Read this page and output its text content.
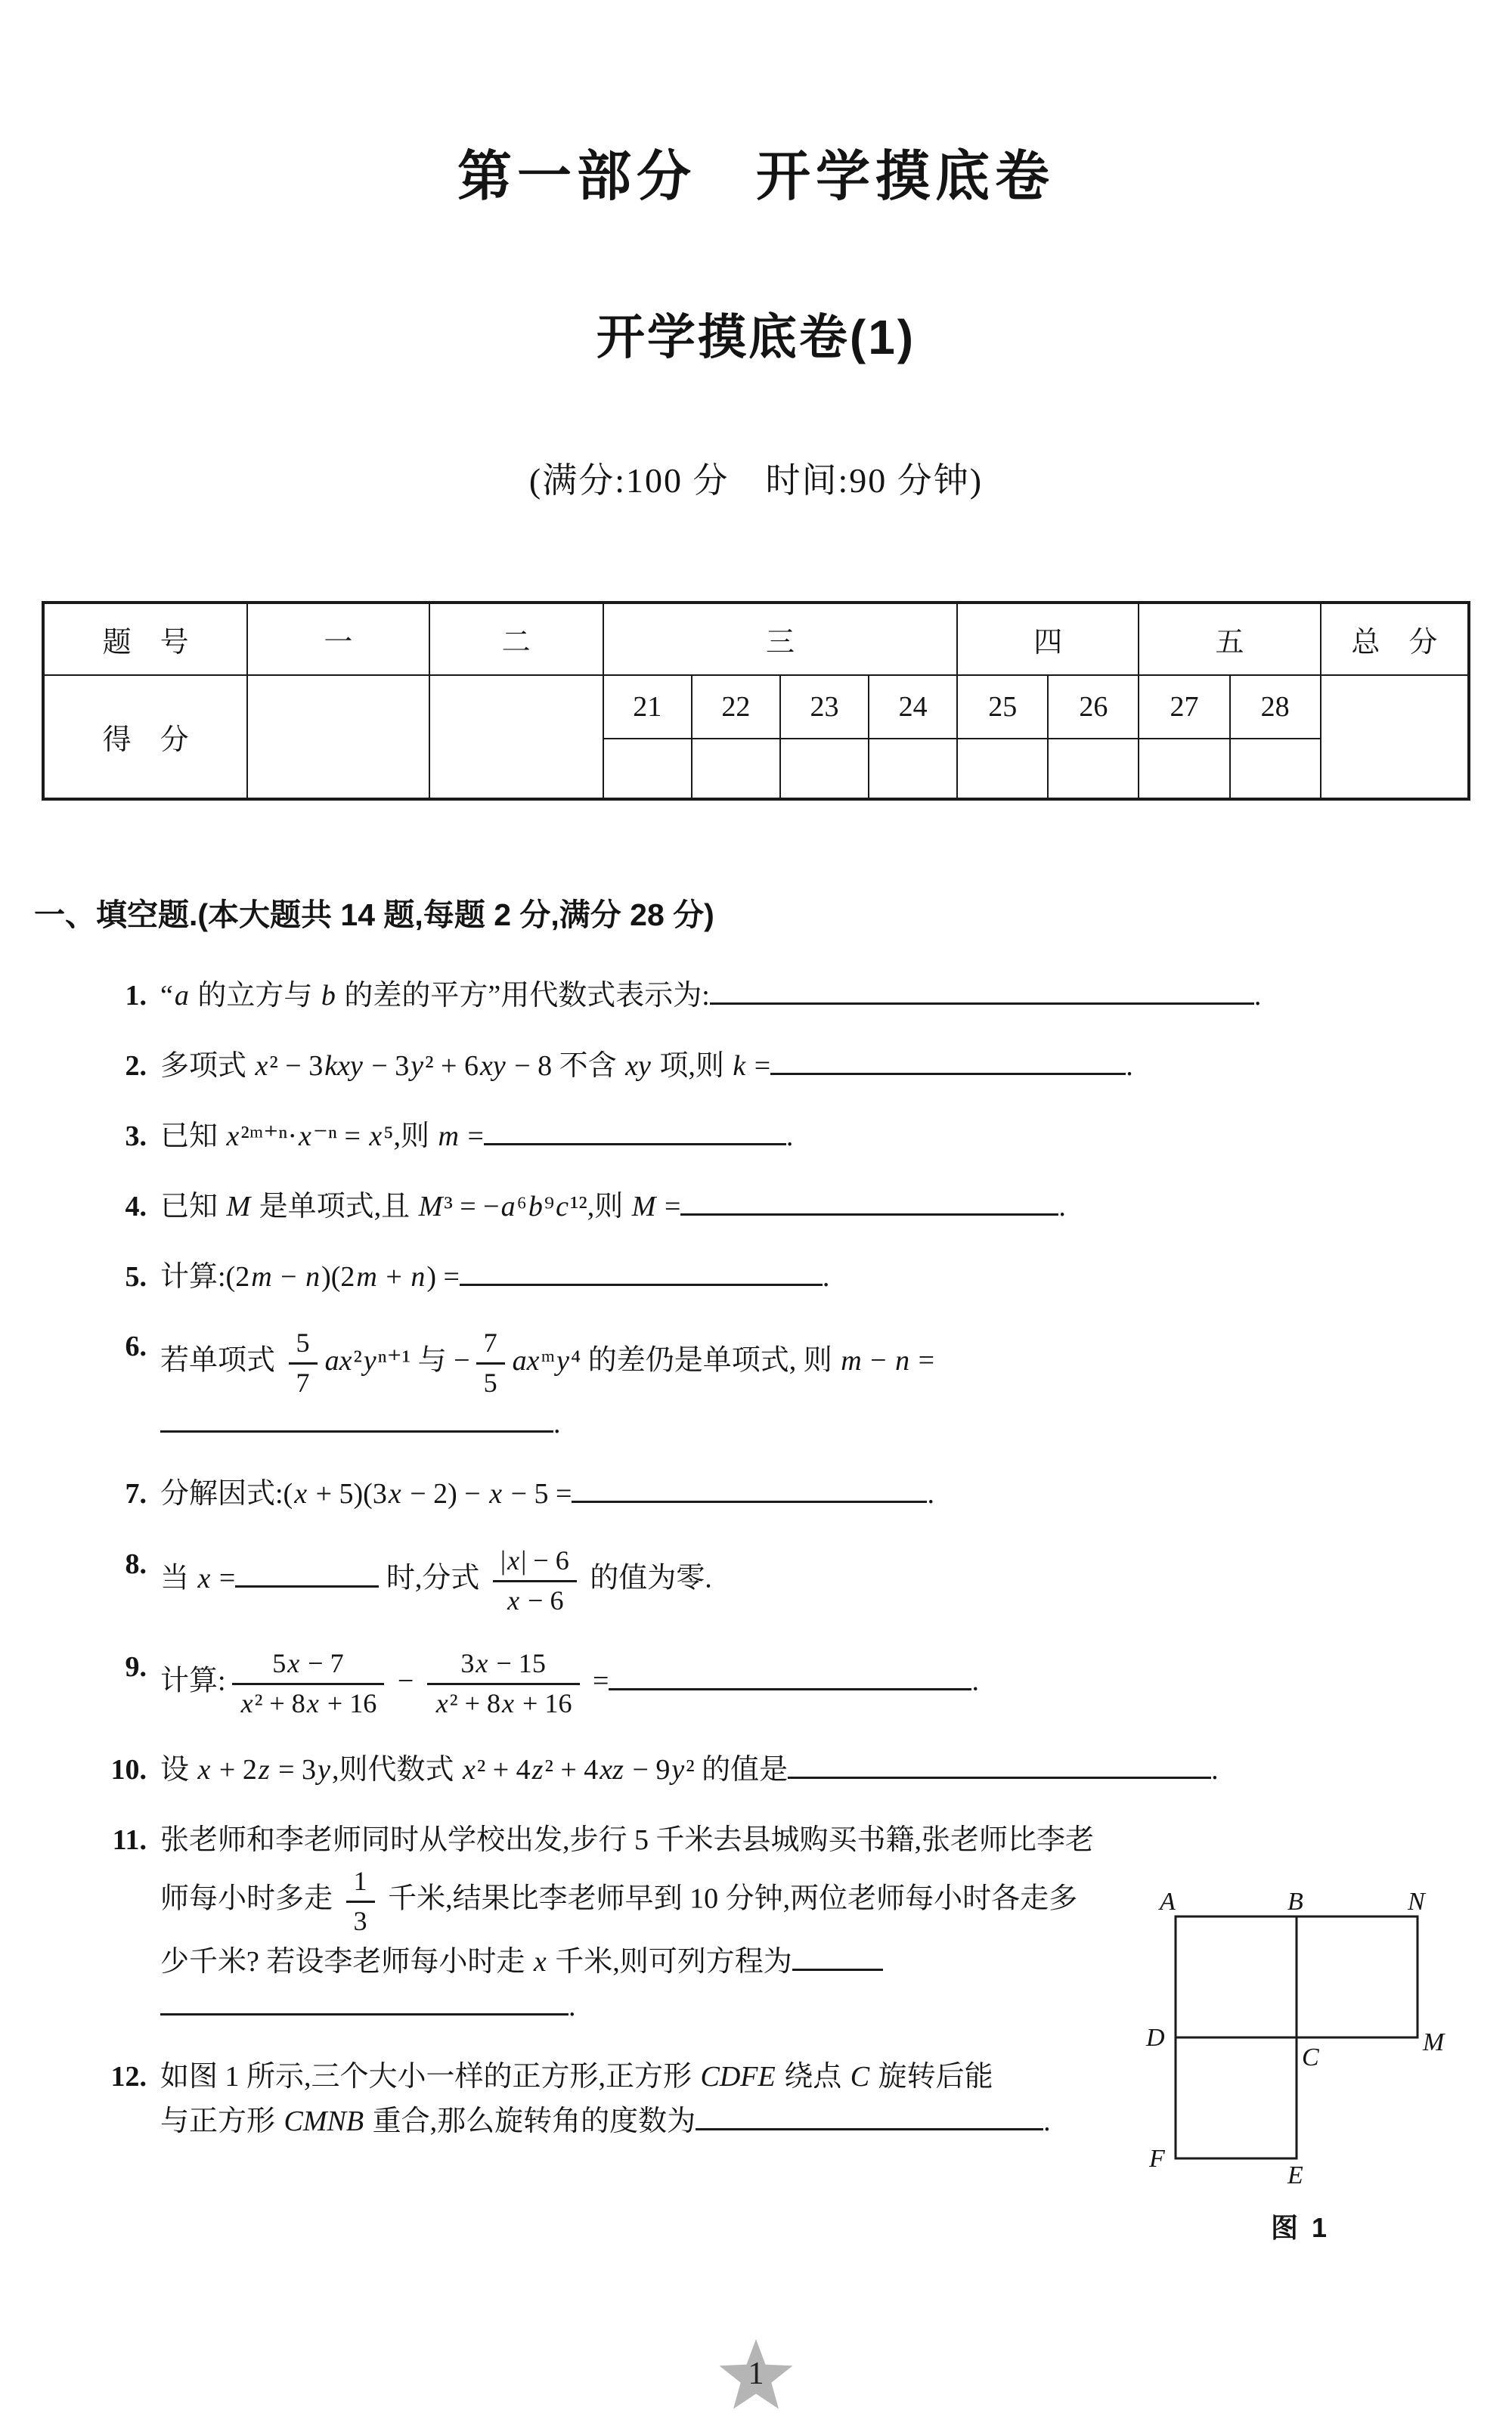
第一部分　开学摸底卷
开学摸底卷(1)
(满分:100 分　时间:90 分钟)
题　号	一	二	三				四		五		总　分
得　分			21	22	23	24	25	26	27	28	

一、填空题.(本大题共 14 题,每题 2 分,满分 28 分)
1. “a 的立方与 b 的差的平方”用代数式表示为:	.
2. 多项式 x² − 3kxy − 3y² + 6xy − 8 不含 xy 项,则 k =	.
3. 已知 x²ᵐ⁺ⁿ·x⁻ⁿ = x⁵,则 m =	.
4. 已知 M 是单项式,且 M³ = −a⁶b⁹c¹²,则 M =	.
5. 计算:(2m − n)(2m + n) =	.
6. 若单项式 $\frac{5}{7} ax^2y^{n+1}$ 与 − $\frac{7}{5}$ axᵐy⁴ 的差仍是单项式, 则 m − n =
.
7. 分解因式:(x + 5)(3x − 2) − x − 5 =	.
8. 当 x =	时,分式 $\frac{|x| - 6}{x - 6}$ 的值为零.
9. 计算: $\frac{5x - 7}{\text{x² + 8x + 16}} - \frac{3x - 15}{\text{x² + 8x + 16}}$ =	.
10. 设 x + 2z = 3y,则代数式 x² + 4z² + 4xz − 9y² 的值是	.
11. 张老师和李老师同时从学校出发,步行 5 千米去县城购买书籍,张老师比李老师每小时多走 $\frac{1}{3}$ 千米,结果比李老师早到 10 分钟,两位老师每小时各走多少千米? 若设李老师每小时走 x 千米,则可列方程为
.
12. 如图 1 所示,三个大小一样的正方形,正方形 CDFE 绕点 C 旋转后能
与正方形 CMNB 重合,那么旋转角的度数为	.
A	B	N
D
C
M
F
E
图 1
1
